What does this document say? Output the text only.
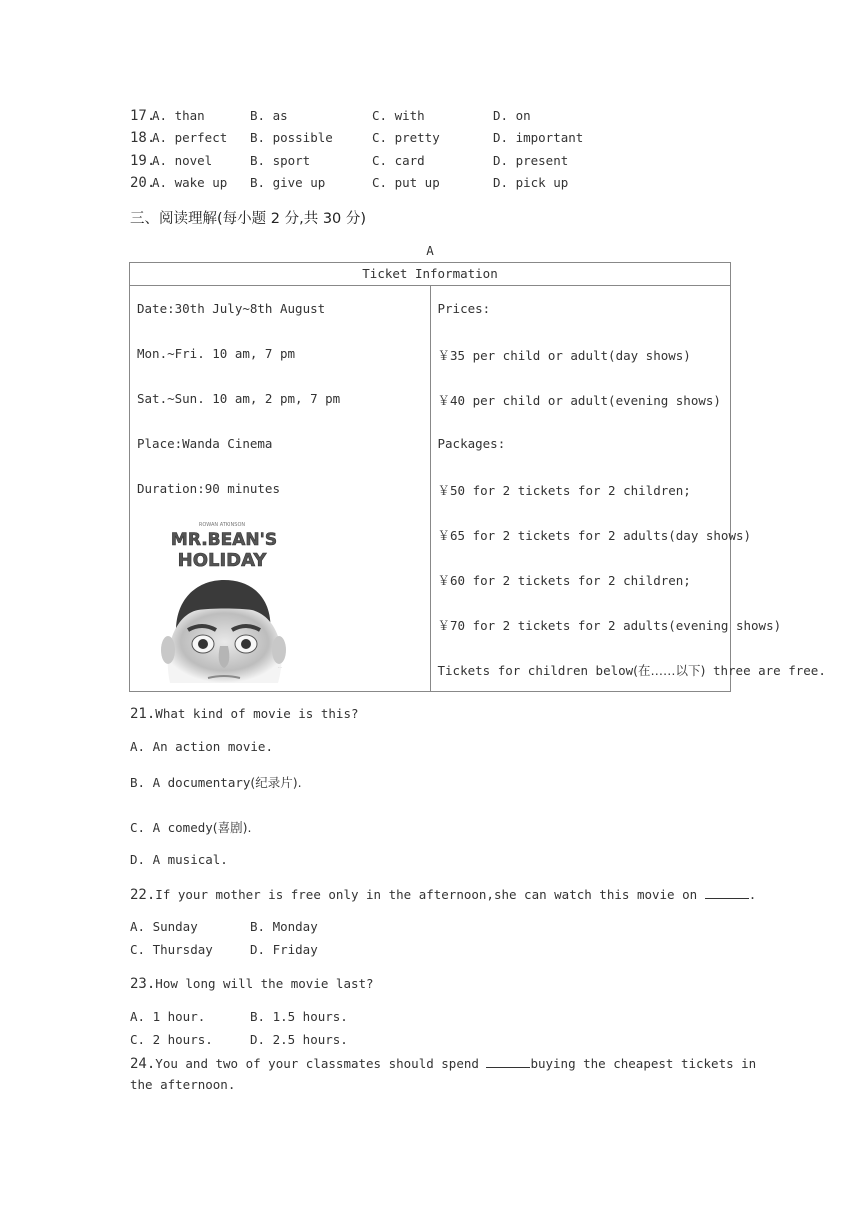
17.
A. than	B. as	C. with	D. on
18.
A. perfect B. possible	C. pretty	D. important
19.
A. novel	B. sport	C. card	D. present
20.
A. wake up B. give up	C. put up	D. pick up
三、阅读理解(每小题 2 分,共 30 分)
A
Ticket Information

Date:30th July~8th August
Mon.~Fri. 10 am, 7 pm
Sat.~Sun. 10 am, 2 pm, 7 pm
Place:Wanda Cinema
Duration:90 minutes
ROWAN ATKINSON
MR.BEAN'S
HOLIDAY
…

Prices:
￥35 per child or adult(day shows)
￥40 per child or adult(evening shows)
Packages:
￥50 for 2 tickets for 2 children;
￥65 for 2 tickets for 2 adults(day shows)
￥60 for 2 tickets for 2 children;
￥70 for 2 tickets for 2 adults(evening shows)
Tickets for children below(在……以下) three are free.
21.What kind of movie is this?
A. An action movie.
B. A documentary(纪录片).
C. A comedy(喜剧).
D. A musical.
22.If your mother is free only in the afternoon,she can watch this movie on	.
A. Sunday	B. Monday
C. Thursday	D. Friday
23.How long will the movie last?
A. 1 hour.	B. 1.5 hours.
C. 2 hours.	D. 2.5 hours.
24.You and two of your classmates should spend	buying the cheapest tickets in
the afternoon.
